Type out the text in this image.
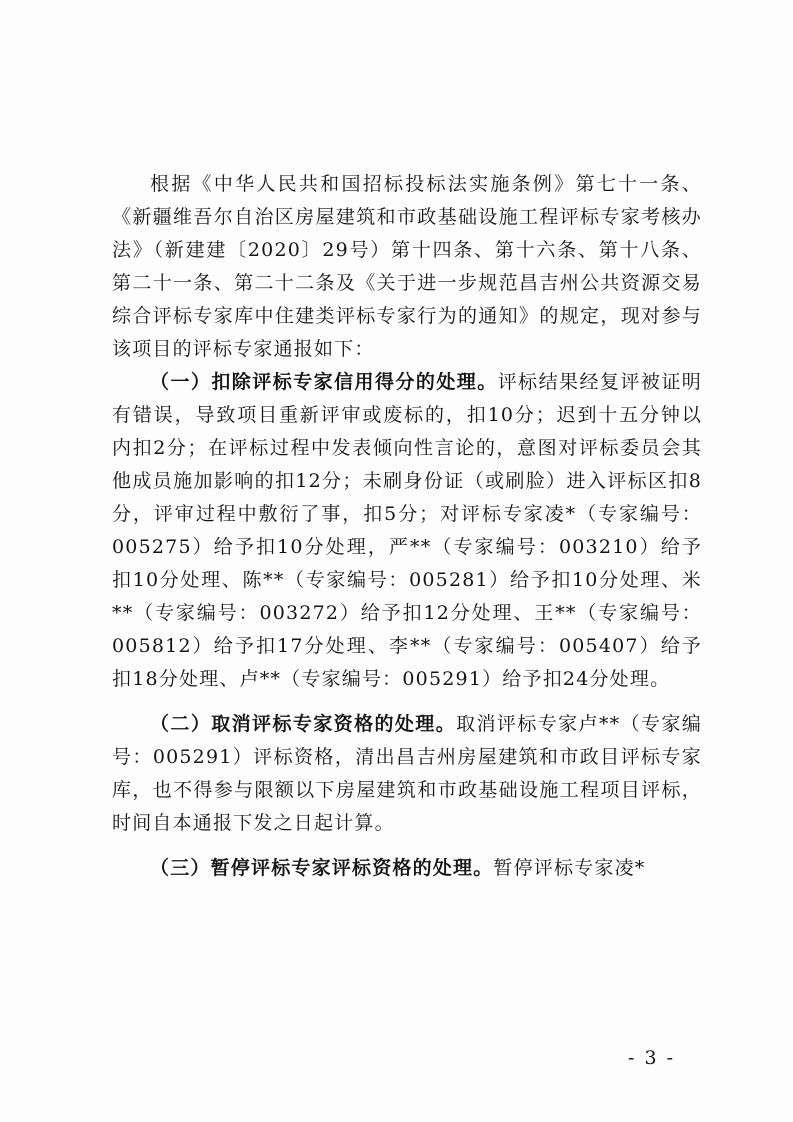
根据《中华人民共和国招标投标法实施条例》第七十一条、《新疆维吾尔自治区房屋建筑和市政基础设施工程评标专家考核办法》（新建建〔2020〕29号）第十四条、第十六条、第十八条、第二十一条、第二十二条及《关于进一步规范昌吉州公共资源交易综合评标专家库中住建类评标专家行为的通知》的规定，现对参与该项目的评标专家通报如下：

（一）扣除评标专家信用得分的处理。评标结果经复评被证明有错误，导致项目重新评审或废标的，扣10分；迟到十五分钟以内扣2分；在评标过程中发表倾向性言论的，意图对评标委员会其他成员施加影响的扣12分；未刷身份证（或刷脸）进入评标区扣8分，评审过程中敷衍了事，扣5分；对评标专家凌*（专家编号：005275）给予扣10分处理，严**（专家编号：003210）给予扣10分处理、陈**（专家编号：005281）给予扣10分处理、米**（专家编号：003272）给予扣12分处理、王**（专家编号：005812）给予扣17分处理、李**（专家编号：005407）给予扣18分处理、卢**（专家编号：005291）给予扣24分处理。

（二）取消评标专家资格的处理。取消评标专家卢**（专家编号：005291）评标资格，清出昌吉州房屋建筑和市政目评标专家库，也不得参与限额以下房屋建筑和市政基础设施工程项目评标，时间自本通报下发之日起计算。

（三）暂停评标专家评标资格的处理。暂停评标专家凌*

- 3 -
